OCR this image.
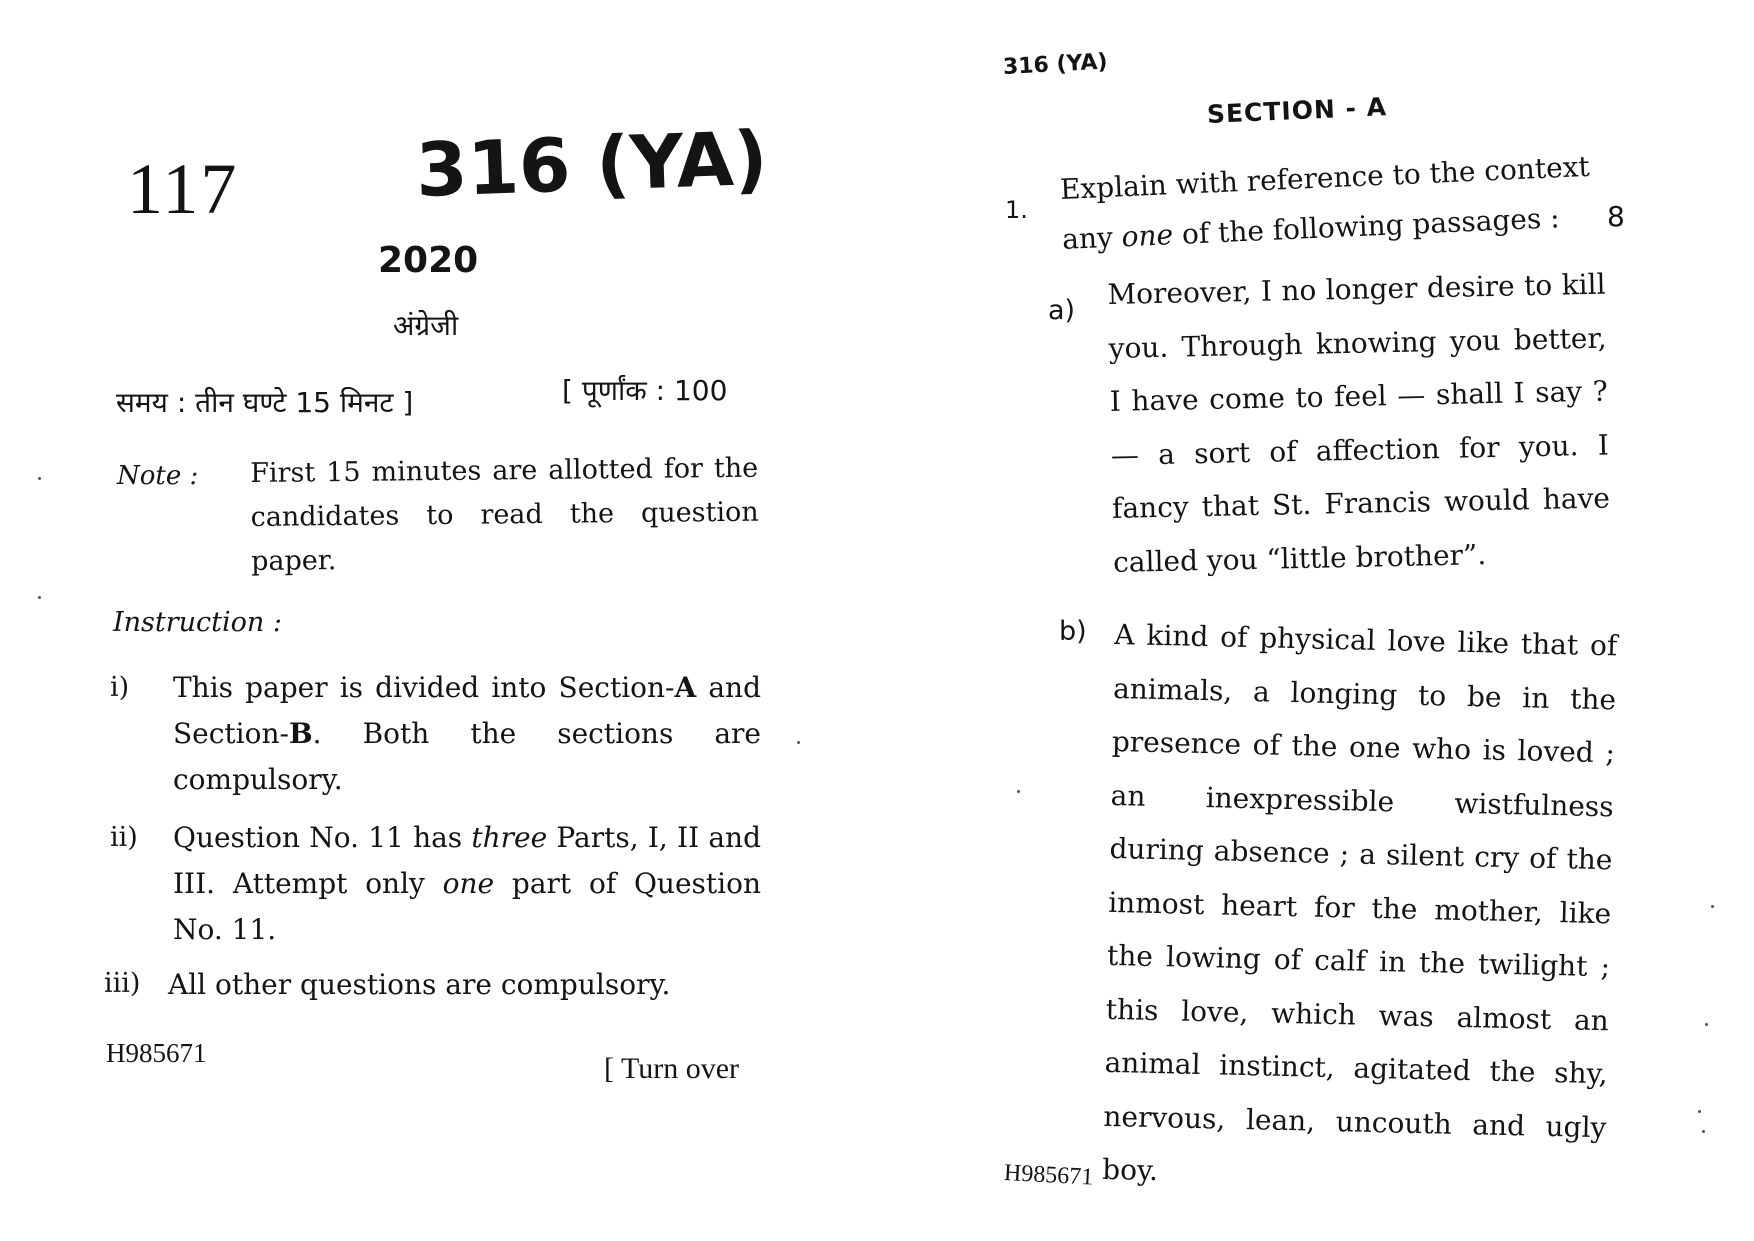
117 316 (YA)
2020
अंग्रेजी
समय : तीन घण्टे 15 मिनट ]	[ पूर्णांक : 100
Note : First 15 minutes are allotted for the candidates to read the question paper.
Instruction :
i) This paper is divided into Section-A and Section-B. Both the sections are compulsory.
ii) Question No. 11 has three Parts, I, II and III. Attempt only one part of Question No. 11.
iii) All other questions are compulsory.
H985671	[ Turn over
316 (YA)
SECTION - A
1.
Explain with reference to the context any one of the following passages :	8
a) Moreover, I no longer desire to kill you. Through knowing you better, I have come to feel — shall I say ? — a sort of affection for you. I fancy that St. Francis would have called you “little brother”.
b) A kind of physical love like that of animals, a longing to be in the presence of the one who is loved ; an inexpressible wistfulness during absence ; a silent cry of the inmost heart for the mother, like the lowing of calf in the twilight ; this love, which was almost an animal instinct, agitated the shy, nervous, lean, uncouth and ugly boy.
H985671
